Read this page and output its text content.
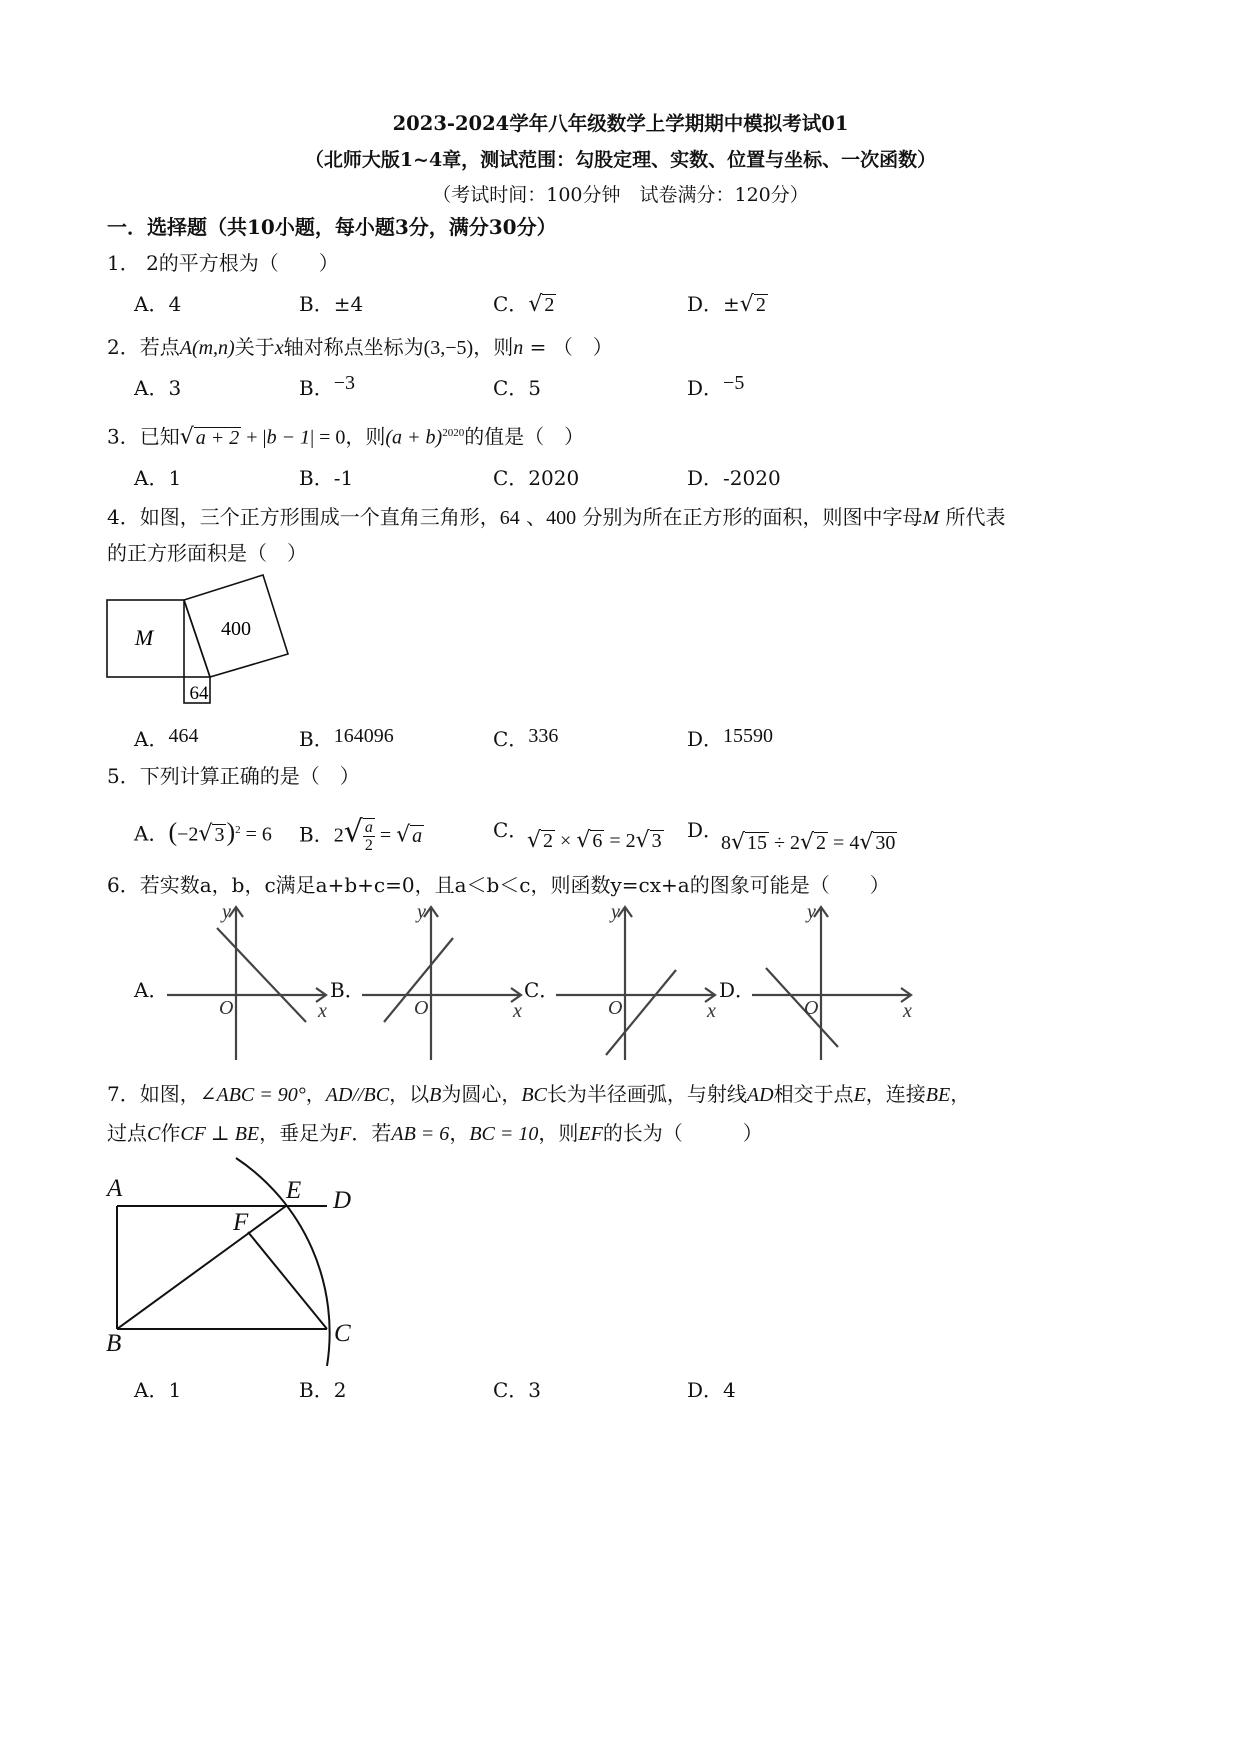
2023-2024学年八年级数学上学期期中模拟考试01
（北师大版1~4章，测试范围：勾股定理、实数、位置与坐标、一次函数）
（考试时间：100分钟　试卷满分：120分）
一．选择题（共10小题，每小题3分，满分30分）
1． 2的平方根为（　　）
A．4	B．±4	C．√ 2	D．±√ 2
2．若点A(m,n)关于x轴对称点坐标为(3,−5)，则n = （　）
A．3	B．−3	C．5	D．−5
3．已知√ a + 2 + |b − 1| = 0，则$(a + b)^{2020}$的值是（　）
A．1	B．-1	C．2020	D．-2020
4．如图，三个正方形围成一个直角三角形，64 、400 分别为所在正方形的面积，则图中字母M 所代表
的正方形面积是（　）
M	400
64
A．464	B．164096	C．336	D．15590
5．下列计算正确的是（　）
A．(−2√ 3)$^2$ = 6 B．$2√ \frac{a}{2}$ = √ a	C．
√ 2 × √ 6 = 2√ 3 D．
8√ 15 ÷ 2√ 2 = 4√ 30
6．若实数a，b，c满足a+b+c=0，且a＜b＜c，则函数y=cx+a的图象可能是（　　）
y
x
O
y
x
O
y
x
O
y
x
O
A．	B．	C．	D．
7．如图，∠ABC = 90°，AD//BC，以B为圆心，BC长为半径画弧，与射线AD相交于点E，连接BE，
过点C作CF ⊥ BE，垂足为F．若AB = 6，BC = 10，则EF的长为（　　　）
A	E D
F
B	C
A．1	B．2	C．3	D．4
